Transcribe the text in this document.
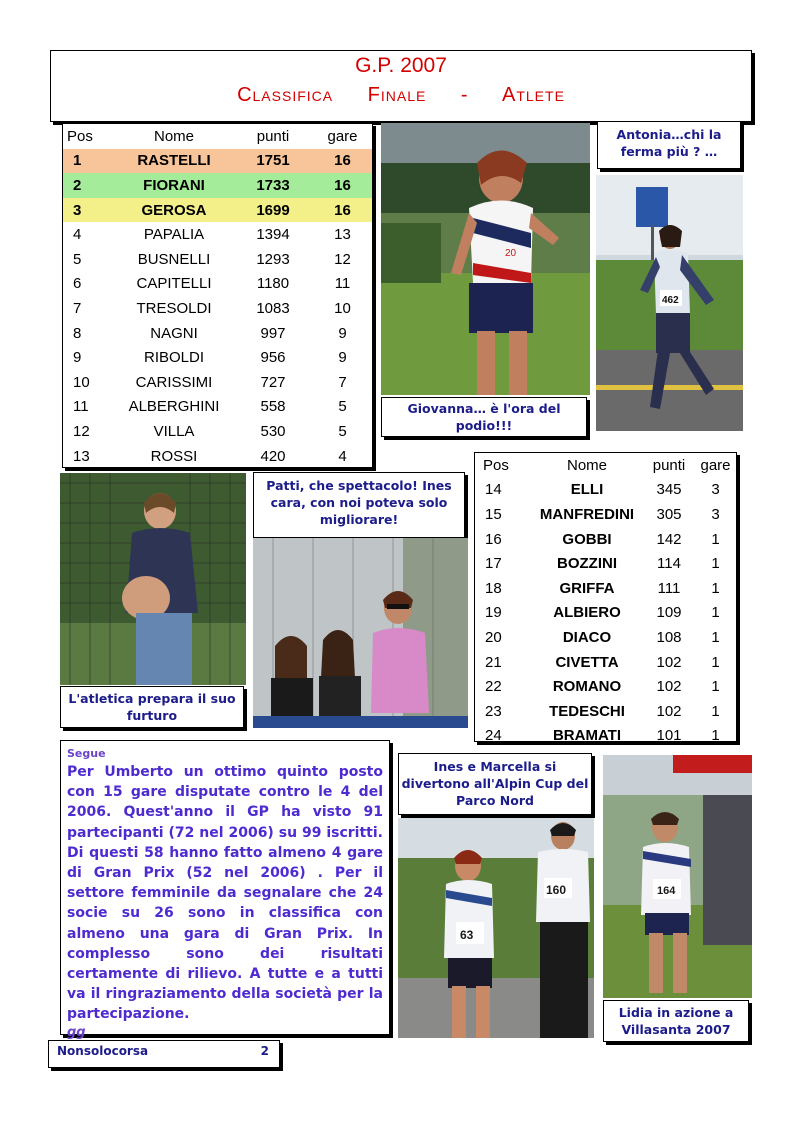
G.P. 2007
Classifica Finale - Atlete
Pos	Nome	punti	gare
1	RASTELLI	1751	16
2	FIORANI	1733	16
3	GEROSA	1699	16
4	PAPALIA	1394	13
5	BUSNELLI	1293	12
6	CAPITELLI	1180	11
7	TRESOLDI	1083	10
8	NAGNI	997	9
9	RIBOLDI	956	9
10	CARISSIMI	727	7
11	ALBERGHINI	558	5
12	VILLA	530	5
13	ROSSI	420	4
20
Giovanna… è l'ora del podio!!!
Antonia…chi la ferma più ? …
462
Pos	Nome	punti	gare
14	ELLI	345	3
15	MANFREDINI	305	3
16	GOBBI	142	1
17	BOZZINI	114	1
18	GRIFFA	111	1
19	ALBIERO	109	1
20	DIACO	108	1
21	CIVETTA	102	1
22	ROMANO	102	1
23	TEDESCHI	102	1
24	BRAMATI	101	1
L'atletica prepara il suo furturo
Patti, che spettacolo! Ines cara, con noi poteva solo migliorare!
Segue
Per Umberto un ottimo quinto posto con 15 gare disputate contro le 4 del 2006. Quest'anno il GP ha visto 91 partecipanti (72 nel 2006) su 99 iscritti. Di questi 58 hanno fatto almeno 4 gare di Gran Prix (52 nel 2006) . Per il settore femminile da segnalare che 24 socie su 26 sono in classifica con almeno una gara di Gran Prix. In complesso sono dei risultati certamente di rilievo. A tutte e a tutti va il ringraziamento della società per la partecipazione.
gg
Ines e Marcella si divertono all'Alpin Cup del Parco Nord
63
160	164
Lidia in azione a Villasanta 2007
Nonsolocorsa	2
